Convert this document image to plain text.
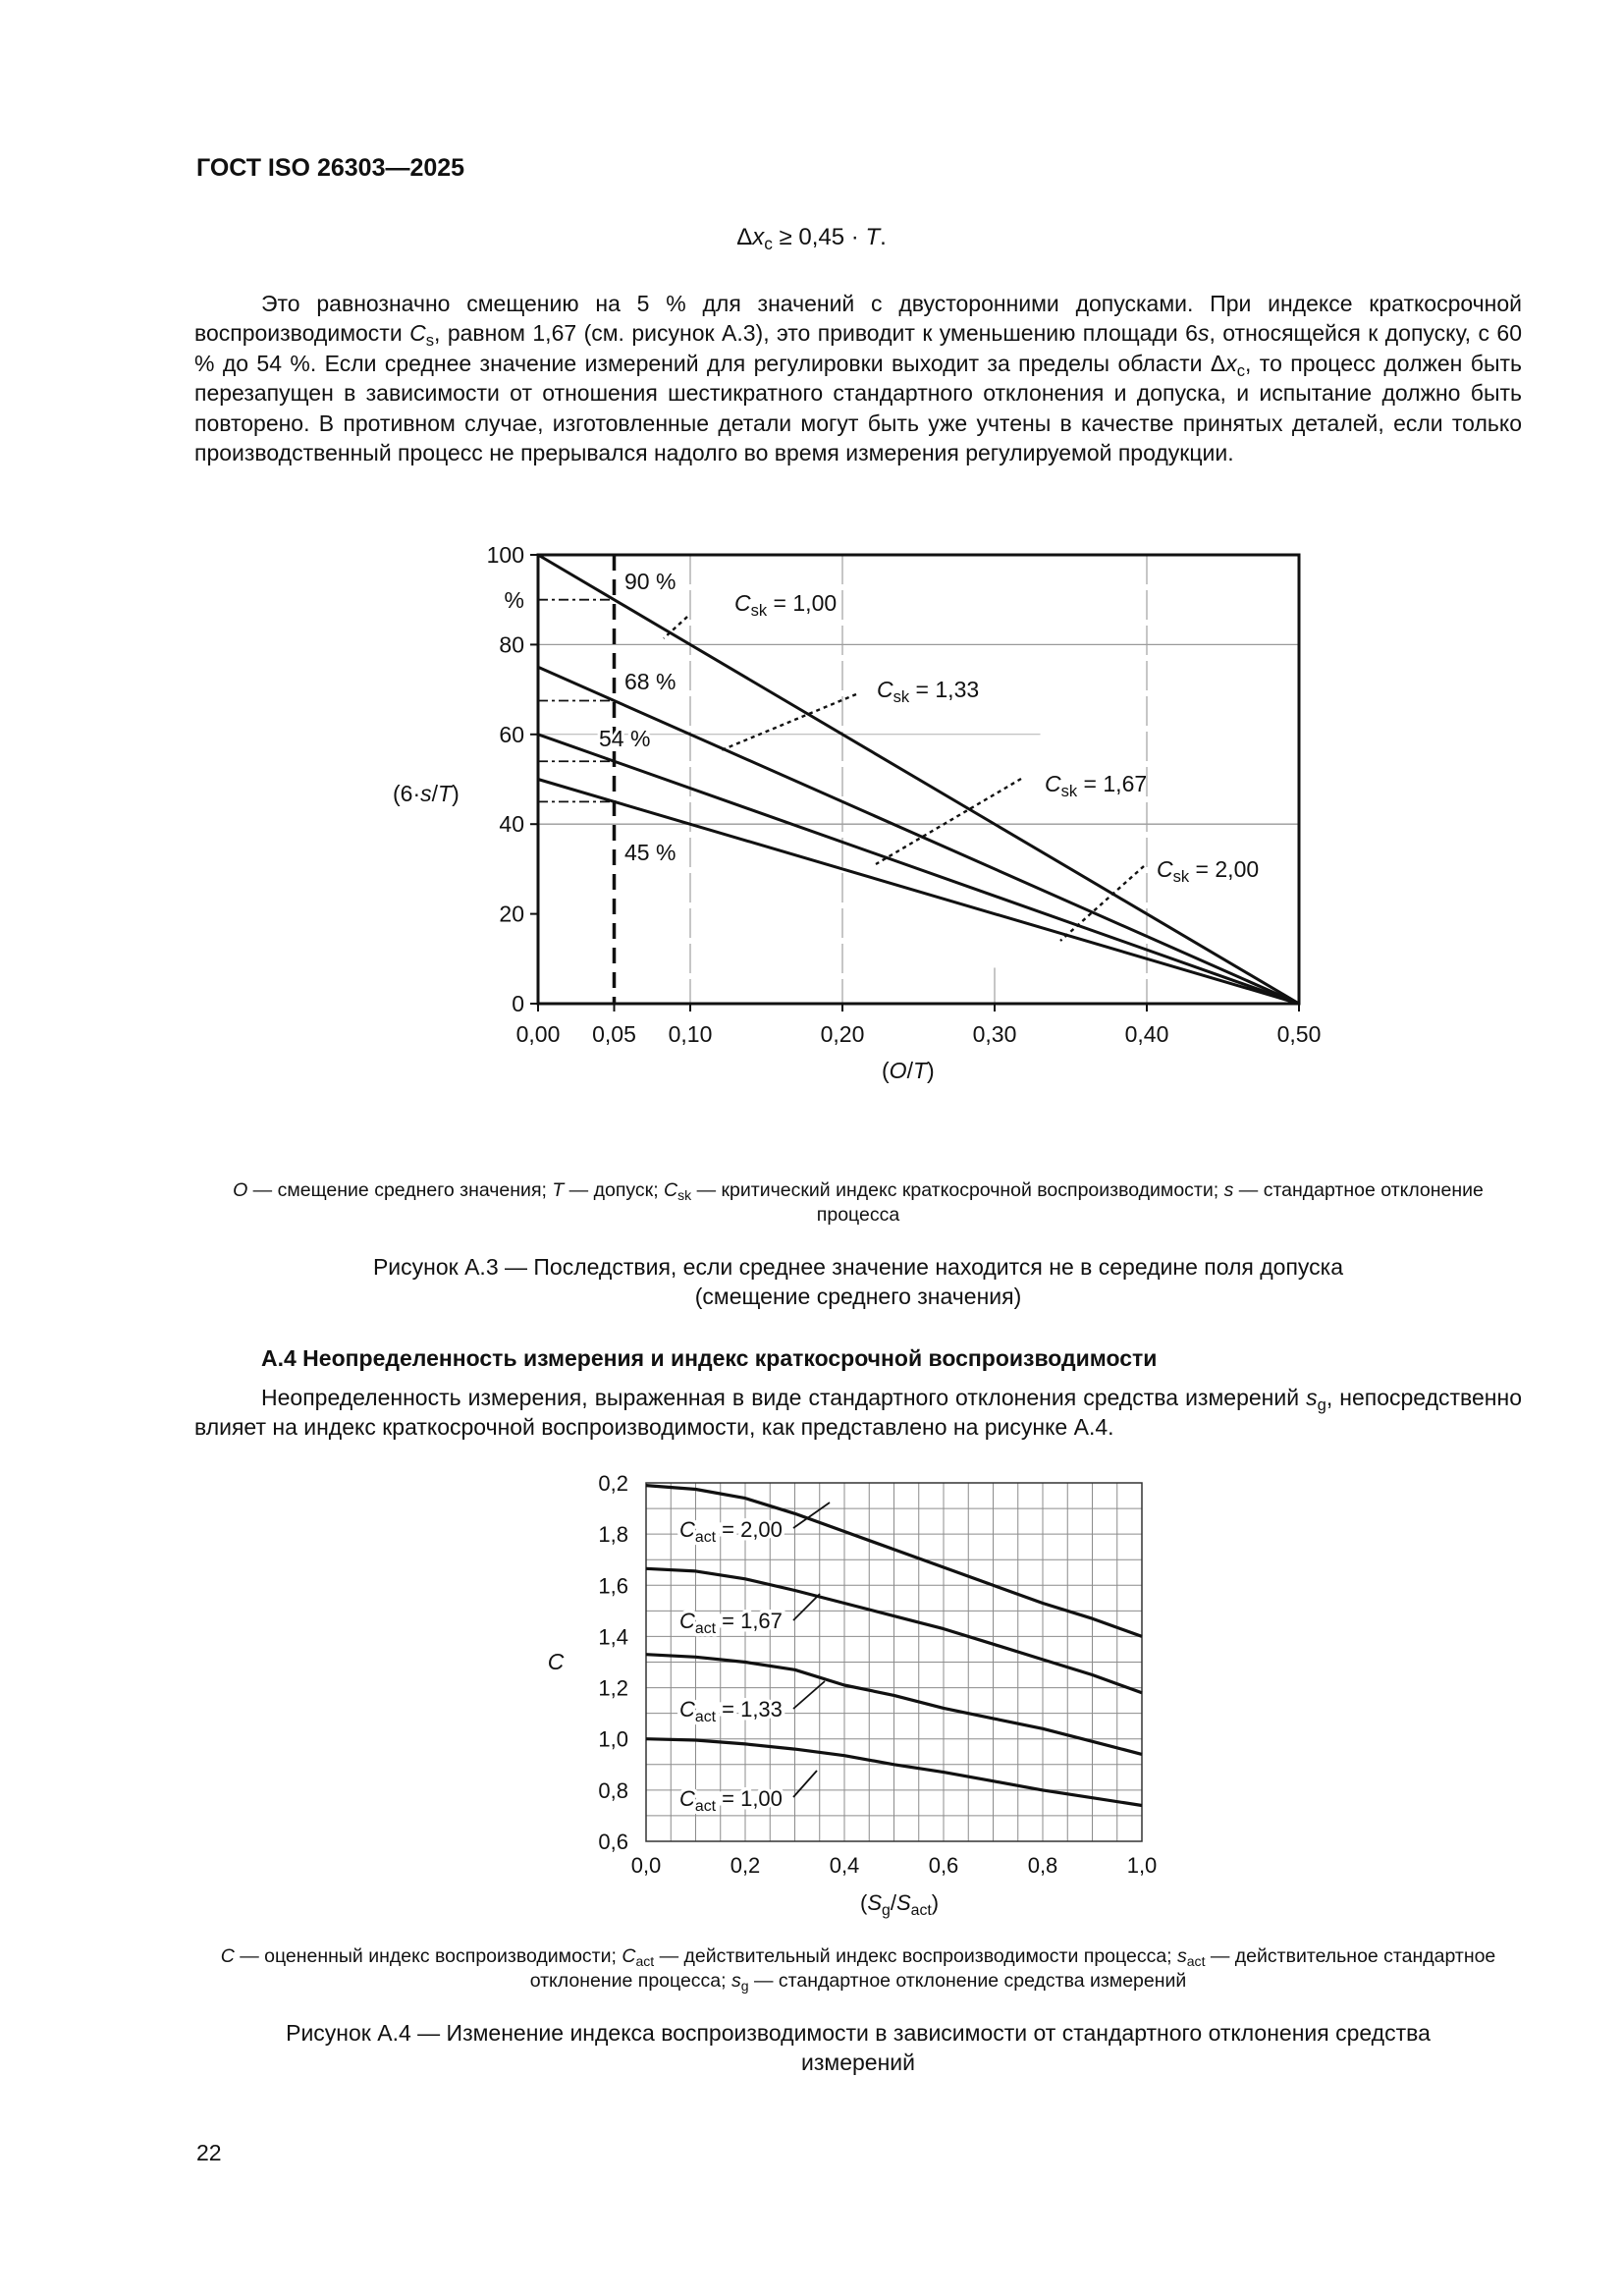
ГОСТ ISO 26303—2025
$\Delta x_c \ge 0,45 \cdot T$.

Это равнозначно смещению на 5 % для значений с двусторонними допусками. При индексе краткосрочной воспроизводимости $C_s$, равном 1,67 (см. рисунок А.3), это приводит к уменьшению площади 6s, относящейся к допуску, с 60 % до 54 %. Если среднее значение измерений для регулировки выходит за пределы области $\Delta x_c$, то процесс должен быть перезапущен в зависимости от отношения шестикратного стандартного отклонения и допуска, и испытание должно быть повторено. В противном случае, изготовленные детали могут быть уже учтены в качестве принятых деталей, если только производственный процесс не прерывался надолго во время измерения регулируемой продукции.

90 %
68 %
54 %
45 %
$C_{sk} = 1,00$
$C_{sk} = 1,33$
$C_{sk} = 1,67$
$C_{sk} = 2,00$
0
20
40
60
80
100
%
0,00 0,05 0,10	0,20	0,30	0,40	0,50
(O/T)
(6·s/T)
O — смещение среднего значения; T — допуск; $C_{sk}$ — критический индекс краткосрочной воспроизводимости; s — стандартное отклонение процесса
Рисунок А.3 — Последствия, если среднее значение находится не в середине поля допуска
(смещение среднего значения)
А.4 Неопределенность измерения и индекс краткосрочной воспроизводимости

Неопределенность измерения, выраженная в виде стандартного отклонения средства измерений $s_g$, непосредственно влияет на индекс краткосрочной воспроизводимости, как представлено на рисунке А.4.

$C_{act} = 2,00$
$C_{act} = 1,67$
$C_{act} = 1,33$
$C_{act} = 1,00$
0,6
0,8
1,0
1,2
1,4
1,6
1,8
0,2
0,0	0,2	0,4	0,6	0,8	1,0
C
$(S_g/S_{act})$
C — оцененный индекс воспроизводимости; $C_{act}$ — действительный индекс воспроизводимости процесса; $s_{act}$ — действительное стандартное отклонение процесса; $s_g$ — стандартное отклонение средства измерений
Рисунок А.4 — Изменение индекса воспроизводимости в зависимости от стандартного отклонения средства
измерений
22
